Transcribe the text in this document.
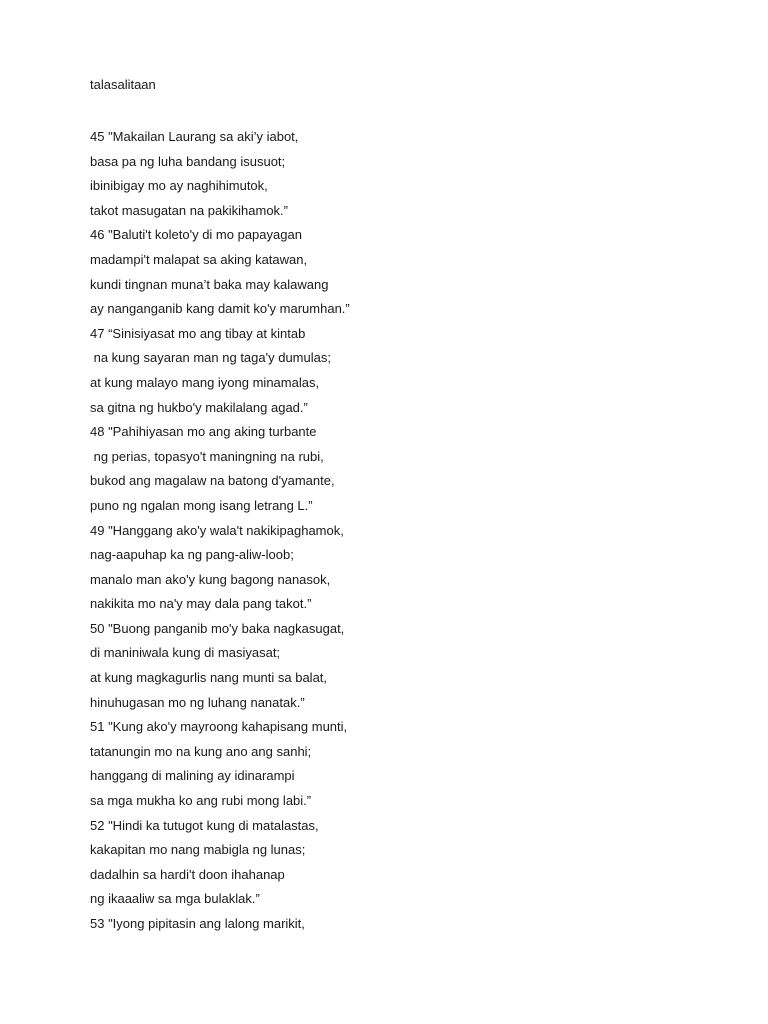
talasalitaan
45 "Makailan Laurang sa aki’y iabot,
basa pa ng luha bandang isusuot;
ibinibigay mo ay naghihimutok,
takot masugatan na pakikihamok.”
46 "Baluti't koleto'y di mo papayagan
madampi't malapat sa aking katawan,
kundi tingnan muna’t baka may kalawang
ay nanganganib kang damit ko'y marumhan.”
47 “Sinisiyasat mo ang tibay at kintab
na kung sayaran man ng taga'y dumulas;
at kung malayo mang iyong minamalas,
sa gitna ng hukbo'y makilalang agad.”
48 "Pahihiyasan mo ang aking turbante
ng perias, topasyo't maningning na rubi,
bukod ang magalaw na batong d'yamante,
puno ng ngalan mong isang letrang L.”
49 "Hanggang ako'y wala't nakikipaghamok,
nag-aapuhap ka ng pang-aliw-loob;
manalo man ako'y kung bagong nanasok,
nakikita mo na'y may dala pang takot.”
50 "Buong panganib mo'y baka nagkasugat,
di maniniwala kung di masiyasat;
at kung magkagurlis nang munti sa balat,
hinuhugasan mo ng luhang nanatak.”
51 "Kung ako'y mayroong kahapisang munti,
tatanungin mo na kung ano ang sanhi;
hanggang di malining ay idinarampi
sa mga mukha ko ang rubi mong labi.”
52 "Hindi ka tutugot kung di matalastas,
kakapitan mo nang mabigla ng lunas;
dadalhin sa hardi't doon ihahanap
ng ikaaaliw sa mga bulaklak.”
53 "Iyong pipitasin ang lalong marikit,
